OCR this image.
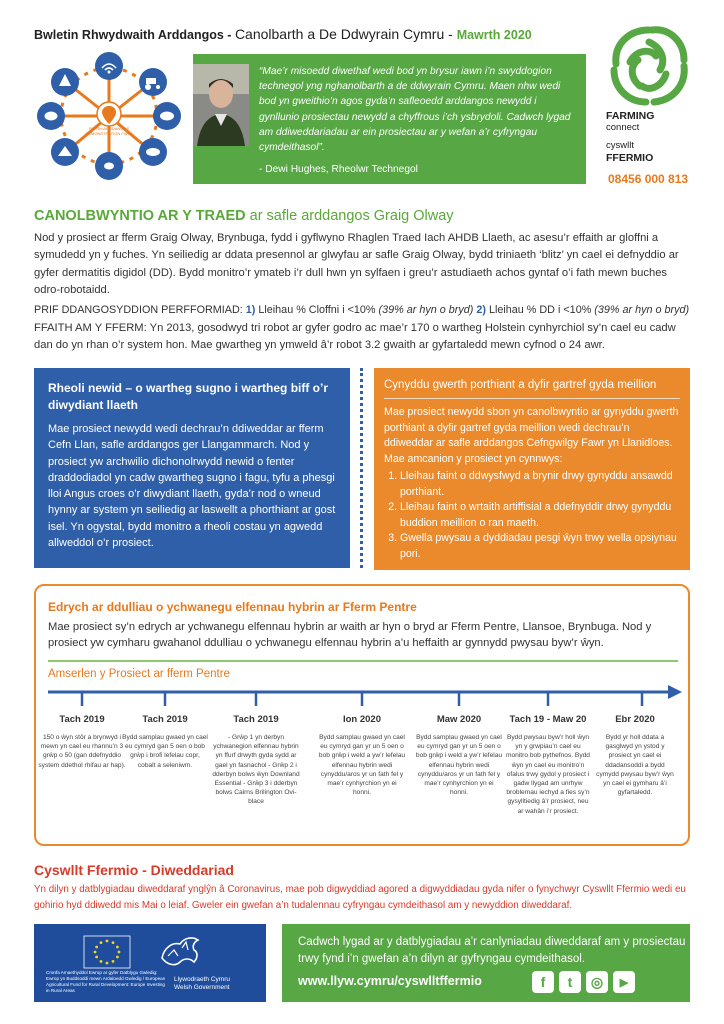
Bwletin Rhwydwaith Arddangos - Canolbarth a De Ddwyrain Cymru - Mawrth 2020
FFERM ARDDANGOS
DEMONSTRATION FARM
“Mae’r misoedd diwethaf wedi bod yn brysur iawn i’n swyddogion technegol yng nghanolbarth a de ddwyrain Cymru. Maen nhw wedi bod yn gweithio’n agos gyda’n safleoedd arddangos newydd i gynllunio prosiectau newydd a chyffrous i’ch ysbrydoli. Cadwch lygad am ddiweddariadau ar ein prosiectau ar y wefan a’r cyfryngau cymdeithasol”.
- Dewi Hughes, Rheolwr Technegol
FARMING
connect
cyswllt
FFERMIO
08456 000 813
CANOLBWYNTIO AR Y TRAED ar safle arddangos Graig Olway
Nod y prosiect ar fferm Graig Olway, Brynbuga, fydd i gyflwyno Rhaglen Traed Iach AHDB Llaeth, ac asesu’r effaith ar gloffni a symudedd yn y fuches. Yn seiliedig ar ddata presennol ar glwyfau ar safle Graig Olway, bydd triniaeth ‘blitz’ yn cael ei defnyddio ar gyfer dermatitis digidol (DD). Bydd monitro’r ymateb i’r dull hwn yn sylfaen i greu’r astudiaeth achos gyntaf o’i fath mewn buches odro-robotaidd.
PRIF DDANGOSYDDION PERFFORMIAD: 1) Lleihau % Cloffni i <10% (39% ar hyn o bryd) 2) Lleihau % DD i <10% (39% ar hyn o bryd)
FFAITH AM Y FFERM: Yn 2013, gosodwyd tri robot ar gyfer godro ac mae’r 170 o wartheg Holstein cynhyrchiol sy’n cael eu cadw dan do yn rhan o’r system hon. Mae gwartheg yn ymweld â’r robot 3.2 gwaith ar gyfartaledd mewn cyfnod o 24 awr.
Rheoli newid – o wartheg sugno i wartheg biff o’r diwydiant llaeth
Mae prosiect newydd wedi dechrau’n ddiweddar ar fferm Cefn Llan, safle arddangos ger Llangammarch. Nod y prosiect yw archwilio dichonolrwydd newid o fenter draddodiadol yn cadw gwartheg sugno i fagu, tyfu a phesgi lloi Angus croes o’r diwydiant llaeth, gyda’r nod o wneud hynny ar system yn seiliedig ar laswellt a phorthiant ar gost isel. Yn ogystal, bydd monitro a rheoli costau yn agwedd allweddol o’r prosiect.
Cynyddu gwerth porthiant a dyfir gartref gyda meillion
Mae prosiect newydd sbon yn canolbwyntio ar gynyddu gwerth porthiant a dyfir gartref gyda meillion wedi dechrau’n ddiweddar ar safle arddangos Cefngwilgy Fawr yn Llanidloes. Mae amcanion y prosiect yn cynnwys:
1. Lleihau faint o ddwysfwyd a brynir drwy gynyddu ansawdd porthiant.
2. Lleihau faint o wrtaith artiffisial a ddefnyddir drwy gynyddu buddion meillion o ran maeth.
3. Gwella pwysau a dyddiadau pesgi ŵyn trwy wella opsiynau pori.
Edrych ar ddulliau o ychwanegu elfennau hybrin ar Fferm Pentre
Mae prosiect sy’n edrych ar ychwanegu elfennau hybrin ar waith ar hyn o bryd ar Fferm Pentre, Llansoe, Brynbuga. Nod y prosiect yw cymharu gwahanol ddulliau o ychwanegu elfennau hybrin a’u heffaith ar gynnydd pwysau byw’r ŵyn.
Amserlen y Prosiect ar fferm Pentre
Tach 2019
150 o ŵyn stôr a brynwyd i mewn yn cael eu rhannu’n 3 grŵp o 50 (gan ddefnyddio system ddethol rhifau ar hap).
Tach 2019
Bydd samplau gwaed yn cael eu cymryd gan 5 oen o bob grŵp i brofi lefelau copr, cobalt a seleniwm.
Tach 2019
- Grŵp 1 yn derbyn ychwanegion elfennau hybrin yn ffurf drwyth gyda sydd ar gael yn fasnachol - Grŵp 2 i dderbyn bolws ŵyn Downland Essential - Grŵp 3 i dderbyn bolws Cairns Brilington Ovi-blace
Ion 2020
Bydd samplau gwaed yn cael eu cymryd gan yr un 5 oen o bob grŵp i weld a yw’r lefelau elfennau hybrin wedi cynyddu/aros yr un fath fel y mae’r cynhyrchion yn ei honni.
Maw 2020
Bydd samplau gwaed yn cael eu cymryd gan yr un 5 oen o bob grŵp i weld a yw’r lefelau elfennau hybrin wedi cynyddu/aros yr un fath fel y mae’r cynhyrchion yn ei honni.
Tach 19 - Maw 20
Bydd pwysau byw’r holl ŵyn yn y grwpiau’n cael eu monitro bob pythefnos. Bydd ŵyn yn cael eu monitro’n ofalus trwy gydol y prosiect i gadw llygad am unrhyw broblemau iechyd a fies sy’n gysylltiedig â’r prosiect, neu ar wahân i’r prosiect.
Ebr 2020
Bydd yr holl ddata a gasglwyd yn ystod y prosiect yn cael ei ddadansoddi a bydd cymydd pwysau byw’r ŵyn yn cael ei gymharu â’i gyfartaledd.
Cyswllt Ffermio - Diweddariad
Yn dilyn y datblygiadau diweddaraf ynglŷn â Coronavirus, mae pob digwyddiad agored a digwyddiadau gyda nifer o fynychwyr Cyswllt Ffermio wedi eu gohirio hyd ddiwedd mis Mai o leiaf. Gweler ein gwefan a’n tudalennau cyfryngau cymdeithasol am y newyddion diweddaraf.
Cronfa Amaethyddol Ewrop ar gyfer Datblygu Gwledig: Ewrop yn Buddsoddi mewn Ardaloedd Gwledig / European Agricultural Fund for Rural Development: Europe Investing in Rural Areas
Llywodraeth Cymru
Welsh Government
Cadwch lygad ar y datblygiadau a’r canlyniadau diweddaraf am y prosiectau trwy fynd i’n gwefan a’n dilyn ar gyfryngau cymdeithasol.
www.llyw.cymru/cyswlltffermio	f	t	◎	▶
